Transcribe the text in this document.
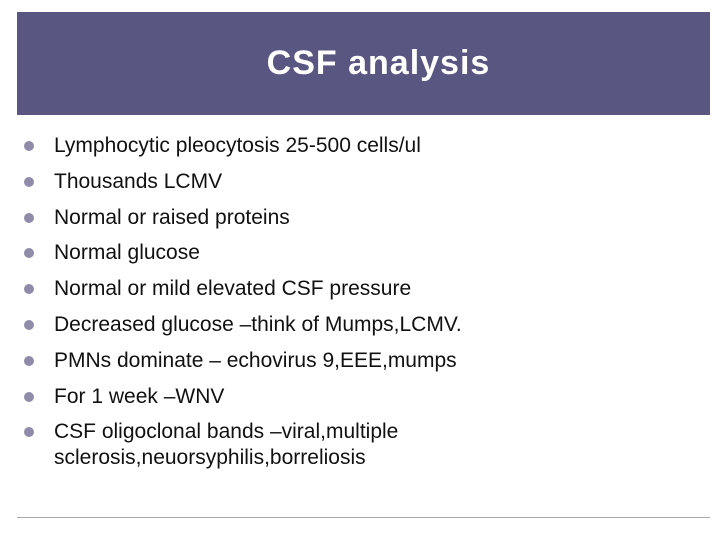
CSF analysis
Lymphocytic pleocytosis 25-500 cells/ul
Thousands LCMV
Normal or raised proteins
Normal glucose
Normal or mild elevated CSF pressure
Decreased glucose –think of Mumps,LCMV.
PMNs dominate – echovirus 9,EEE,mumps
For 1 week –WNV
CSF oligoclonal bands –viral,multiple sclerosis,neuorsyphilis,borreliosis
